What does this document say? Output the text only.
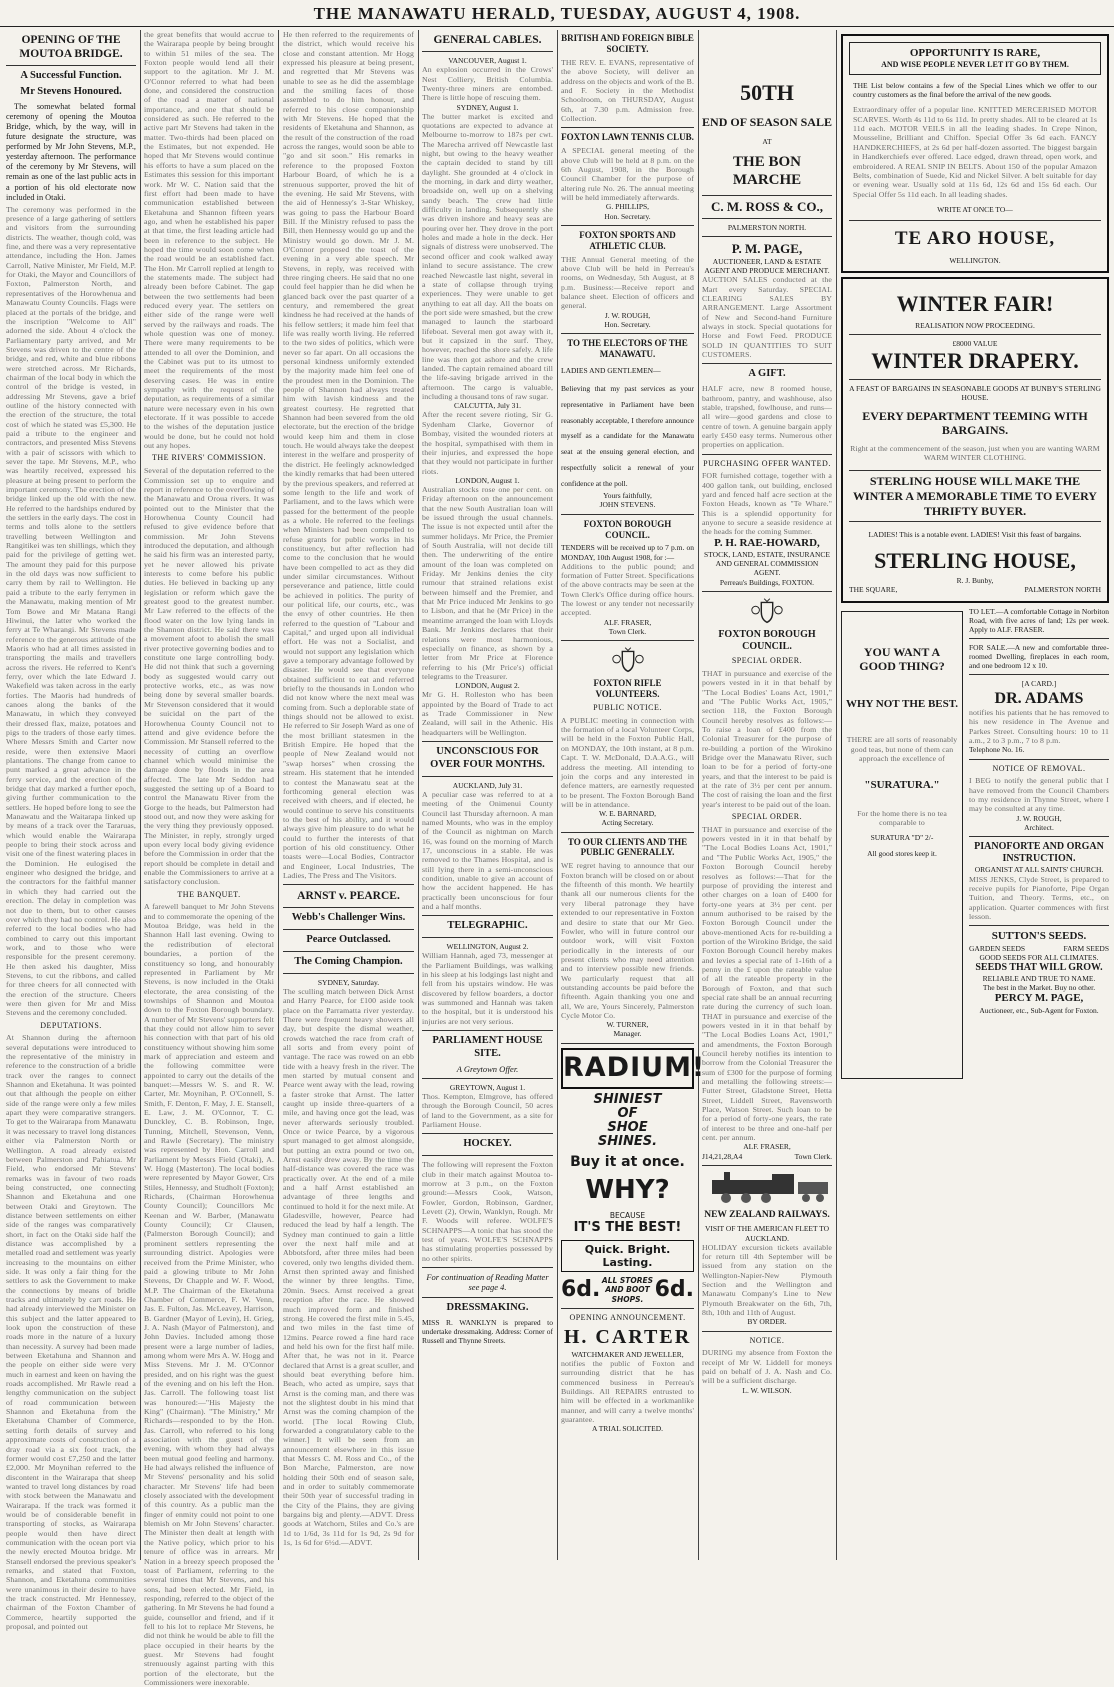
THE MANAWATU HERALD, TUESDAY, AUGUST 4, 1908.
OPENING OF THE MOUTOA BRIDGE.
A Successful Function.
Mr Stevens Honoured.

The somewhat belated formal ceremony of opening the Moutoa Bridge, which, by the way, will in future designate the structure, was performed by Mr John Stevens, M.P., yesterday afternoon. The performance of the ceremony by Mr Stevens, will remain as one of the last public acts in a portion of his old electorate now included in Otaki.

The ceremony was performed in the presence of a large gathering of settlers and visitors from the surrounding districts. The weather, though cold, was fine, and there was a very representative attendance, including the Hon. James Carroll, Native Minister, Mr Field, M.P. for Otaki, the Mayor and Councillors of Foxton, Palmerston North, and representatives of the Horowhenua and Manawatu County Councils. Flags were placed at the portals of the bridge, and the inscription "Welcome to All" adorned the side. About 4 o'clock the Parliamentary party arrived, and Mr Stevens was driven to the centre of the bridge, and red, white and blue ribbons were stretched across. Mr Richards, chairman of the local body in which the control of the bridge is vested, in addressing Mr Stevens, gave a brief outline of the history connected with the erection of the structure, the total cost of which he stated was £5,300. He paid a tribute to the engineer and contractors, and presented Miss Stevens with a pair of scissors with which to sever the tape. Mr Stevens, M.P., who was heartily received, expressed his pleasure at being present to perform the important ceremony. The erection of the bridge linked up the old with the new. He referred to the hardships endured by the settlers in the early days. The cost in terms and tolls alone to the settlers travelling between Wellington and Rangitikei was ten shillings, which they paid for the privilege of getting wet. The amount they paid for this purpose in the old days was now sufficient to carry them by rail to Wellington. He paid a tribute to the early ferrymen in the Manawatu, making mention of Mr Tom Bowe and Mr Matana Rangi Hiwinui, the latter who worked the ferry at Te Wharangi. Mr Stevens made reference to the generous attitude of the Maoris who had at all times assisted in transporting the mails and travellers across the rivers. He referred to Kent's ferry, over which the late Edward J. Wakefield was taken across in the early forties. The Maoris had hundreds of canoes along the banks of the Manawatu, in which they conveyed their dressed flax, maize, potatoes and pigs to the traders of those early times. Where Messrs Smith and Carter now reside, were then extensive Maori plantations. The change from canoe to punt marked a great advance in the ferry service, and the erection of the bridge that day marked a further epoch, giving further communication to the settlers. He hoped before long to see the Manawatu and the Waitarapa linked up by means of a track over the Tararuas, which would enable the Wairarapa people to bring their stock across and visit one of the finest watering places in the Dominion. He eulogised the engineer who designed the bridge, and the contractors for the faithful manner in which they had carried out the erection. The delay in completion was not due to them, but to other causes over which they had no control. He also referred to the local bodies who had combined to carry out this important work, and to those who were responsible for the present ceremony. He then asked his daughter, Miss Stevens, to cut the ribbons, and called for three cheers for all connected with the erection of the structure. Cheers were then given for Mr and Miss Stevens and the ceremony concluded.
DEPUTATIONS.
At Shannon during the afternoon several deputations were introduced to the representative of the ministry in reference to the construction of a bridle track over the ranges to connect Shannon and Eketahuna. It was pointed out that although the people on either side of the range were only a few miles apart they were comparative strangers. To get to the Wairarapa from Manawatu it was necessary to travel long distances either via Palmerston North or Wellington. A road already existed between Palmerston and Pahiatua. Mr Field, who endorsed Mr Stevens' remarks was in favour of two roads being constructed, one connecting Shannon and Eketahuna and one between Otaki and Greytown. The distance between settlements on either side of the ranges was comparatively short, in fact on the Otaki side half the distance was accomplished by a metalled road and settlement was yearly increasing to the mountains on either side. It was only a fair thing for the settlers to ask the Government to make the connections by means of bridle tracks and ultimately by cart roads. He had already interviewed the Minister on this subject and the latter appeared to look upon the construction of these roads more in the nature of a luxury than necessity. A survey had been made between Eketahuna and Shannon and the people on either side were very much in earnest and keen on having the roads accomplished. Mr Rawle read a lengthy communication on the subject of road communication between Shannon and Eketahuna from the Eketahuna Chamber of Commerce, setting forth details of survey and approximate costs of construction of a dray road via a six foot track, the former would cost £7,250 and the latter £2,000. Mr Moynihan referred to the discontent in the Wairarapa that sheep wanted to travel long distances by road with stock between the Manawatu and Wairarapa. If the track was formed it would be of considerable benefit in transporting of stocks, as Wairarapa people would then have direct communication with the ocean port via the newly erected Moutoa bridge. Mr Stansell endorsed the previous speaker's remarks, and stated that Foxton, Shannon, and Eketahuna communities were unanimous in their desire to have the track constructed. Mr Hennessey, chairman of the Foxton Chamber of Commerce, heartily supported the proposal, and pointed out
the great benefits that would accrue to the Wairarapa people by being brought to within 51 miles of the sea. The Foxton people would lend all their support to the agitation. Mr J. M. O'Connor referred to what had been done, and considered the construction of the road a matter of national importance, and one that should be considered as such. He referred to the active part Mr Stevens had taken in the matter. Two-thirds had been placed on the Estimates, but not expended. He hoped that Mr Stevens would continue his efforts to have a sum placed on the Estimates this session for this important work. Mr W. C. Nation said that the first effort had been made to have communication established between Eketahuna and Shannon fifteen years ago, and when he established his paper at that time, the first leading article had been in reference to the subject. He hoped the time would soon come when the road would be an established fact. The Hon. Mr Carroll replied at length to the statements made. The subject had already been before Cabinet. The gap between the two settlements had been reduced every year. The settlers on either side of the range were well served by the railways and roads. The whole question was one of money. There were many requirements to be attended to all over the Dominion, and the Cabinet was put to its utmost to meet the requirements of the most deserving cases. He was in entire sympathy with the request of the deputation, as requirements of a similar nature were necessary even in his own electorate. If it was possible to accede to the wishes of the deputation justice would be done, but he could not hold out any hopes.
THE RIVERS' COMMISSION.
Several of the deputation referred to the Commission set up to enquire and report in reference to the overflowing of the Manawatu and Oroua rivers. It was pointed out to the Minister that the Horowhenua County Council had refused to give evidence before that commission. Mr John Stevens introduced the deputation, and although he said his firm was an interested party, yet he never allowed his private interests to come before his public duties. He believed in backing up any legislation or reform which gave the greatest good to the greatest number. Mr Law referred to the effects of the flood water on the low lying lands in the Shannon district. He said there was a movement afoot to abolish the small river protective governing bodies and to constitute one large controlling body. He did not think that such a governing body as suggested would carry out protective works, etc., as was now being done by several smaller boards. Mr Stevenson considered that it would be suicidal on the part of the Horowhenua County Council not to attend and give evidence before the Commission. Mr Stansell referred to the necessity of cutting an overflow channel which would minimise the damage done by floods in the area affected. The late Mr Seddon had suggested the setting up of a Board to control the Manawatu River from the Gorge to the heads, but Palmerston had stood out, and now they were asking for the very thing they previously opposed. The Minister, in reply, strongly urged upon every local body giving evidence before the Commission in order that the report should be complete in detail and enable the Commissioners to arrive at a satisfactory conclusion.
THE BANQUET.
A farewell banquet to Mr John Stevens and to commemorate the opening of the Moutoa Bridge, was held in the Shannon Hall last evening. Owing to the redistribution of electoral boundaries, a portion of the constituency so long, and honourably represented in Parliament by Mr Stevens, is now included in the Otaki electorate, the area consisting of the townships of Shannon and Moutoa down to the Foxton Borough boundary. A number of Mr Stevens' supporters felt that they could not allow him to sever his connection with that part of his old constituency without showing him some mark of appreciation and esteem and the following committee were appointed to carry out the details of the banquet:—Messrs W. S. and R. W. Carter, Mr. Moynihan, P. O'Connell, S. Smith, F. Denton, F. May, J. E. Stansell, E. Law, J. M. O'Connor, T. C. Dunckley, C. B. Robinson, Inge, Tunning, Mitchell, Stevenson, Venn, and Rawle (Secretary). The ministry was represented by Hon. Carroll and Parliament by Messrs Field (Otaki), A. W. Hogg (Masterton). The local bodies were represented by Mayor Gower, Crs Stiles, Hennessy, and Studholt (Foxton); Richards, (Chairman Horowhenua County Council); Councillors Mc Keenan and W. Barber, (Manawatu County Council); Cr Clausen, (Palmerston Borough Council); and prominent settlers representing the surrounding district. Apologies were received from the Prime Minister, who paid a glowing tribute to Mr John Stevens, Dr Chapple and W. F. Wood, M.P. The Chairman of the Eketahuna Chamber of Commerce, F. W. Venn, Jas. E. Fulton, Jas. McLeavey, Harrison, B. Gardner (Mayor of Levin), H. Grieg, J. A. Nash (Mayor of Palmerston), and John Davies. Included among those present were a large number of ladies, among whom were Mrs A. W. Hogg and Miss Stevens. Mr J. M. O'Connor presided, and on his right was the guest of the evening and on his left the Hon. Jas. Carroll. The following toast list was honoured:—"His Majesty the King" (Chairman). "The Ministry," Mr Richards—responded to by the Hon. Jas. Carroll, who referred to his long association with the guest of the evening, with whom they had always been mutual good feeling and harmony. He had always relished the influence of Mr Stevens' personality and his solid character. Mr Stevens' life had been closely associated with the development of this country. As a public man the finger of enmity could not point to one blemish on Mr John Stevens' character. The Minister then dealt at length with the Native policy, which prior to his tenure of office was in arrears. Mr Nation in a breezy speech proposed the toast of Parliament, referring to the several times that Mr Stevens, and his sons, had been elected. Mr Field, in responding, referred to the object of the gathering. In Mr Stevens he had found a guide, counsellor and friend, and if it fell to his lot to replace Mr Stevens, he did not think he would be able to fill the place occupied in their hearts by the guest. Mr Stevens had fought strenuously against parting with this portion of the electorate, but the Commissioners were inexorable.
He then referred to the requirements of the district, which would receive his close and constant attention. Mr Hogg expressed his pleasure at being present, and regretted that Mr Stevens was unable to see as he did the assemblage and the smiling faces of those assembled to do him honour, and referred to his close companionship with Mr Stevens. He hoped that the residents of Eketahuna and Shannon, as the result of the construction of the road across the ranges, would soon be able to "go and sit soon." His remarks in reference to the proposed Foxton Harbour Board, of which he is a strenuous supporter, proved the hit of the evening. He said Mr Stevens, with the aid of Hennessy's 3-Star Whiskey, was going to pass the Harbour Board Bill. If the Ministry refused to pass the Bill, then Hennessy would go up and the Ministry would go down. Mr J. M. O'Connor proposed the toast of the evening in a very able speech. Mr Stevens, in reply, was received with three ringing cheers. He said that no one could feel happier than he did when he glanced back over the past quarter of a century, and remembered the great kindness he had received at the hands of his fellow settlers; it made him feel that life was really worth living. He referred to the two sides of politics, which were never so far apart. On all occasions the personal kindness uniformly extended by the majority made him feel one of the proudest men in the Dominion. The people of Shannon had always treated him with lavish kindness and the greatest courtesy. He regretted that Shannon had been severed from the old electorate, but the erection of the bridge would keep him and them in close touch. He would always take the deepest interest in the welfare and prosperity of the district. He feelingly acknowledged the kindly remarks that had been uttered by the previous speakers, and referred at some length to the life and work of Parliament, and to the laws which were passed for the betterment of the people as a whole. He referred to the feelings when Ministers had been compelled to refuse grants for public works in his constituency, but after reflection had come to the conclusion that he would have been compelled to act as they did under similar circumstances. Without perseverance and patience, little could be achieved in politics. The purity of our political life, our courts, etc., was the envy of other countries. He then referred to the question of "Labour and Capital," and urged upon all individual effort. He was not a Socialist, and would not support any legislation which gave a temporary advantage followed by disaster. He would see that everyone obtained sufficient to eat and referred briefly to the thousands in London who did not know where the next meal was coming from. Such a deplorable state of things should not be allowed to exist. He referred to Sir Joseph Ward as one of the most brilliant statesmen in the British Empire. He hoped that the people of New Zealand would not "swap horses" when crossing the stream. His statement that he intended to contest the Manawatu seat at the forthcoming general election was received with cheers, and if elected, he would continue to serve his constituents to the best of his ability, and it would always give him pleasure to do what he could to further the interests of that portion of his old constituency. Other toasts were—Local Bodies, Contractor and Engineer, Local Industries, The Ladies, The Press and The Visitors.
ARNST v. PEARCE.
Webb's Challenger Wins.
Pearce Outclassed.
The Coming Champion.
SYDNEY, Saturday.
The sculling match between Dick Arnst and Harry Pearce, for £100 aside took place on the Parramatta river yesterday. There were frequent heavy showers all day, but despite the dismal weather, crowds watched the race from craft of all sorts and from every point of vantage. The race was rowed on an ebb tide with a heavy fresh in the river. The men started by mutual consent and Pearce went away with the lead, rowing a faster stroke that Arnst. The latter caught up inside three-quarters of a mile, and having once got the lead, was never afterwards seriously troubled. Once or twice Pearce, by a vigorous spurt managed to get almost alongside, but putting an extra pound or two on, Arnst easily drew away. By the time the half-distance was covered the race was practically over. At the end of a mile and a half Arnst established an advantage of three lengths and continued to hold it for the next mile. At Gladesville, however, Pearce had reduced the lead by half a length. The Sydney man continued to gain a little over the next half mile and at Abbotsford, after three miles had been covered, only two lengths divided them. Arnst then sprinted away and finished the winner by three lengths. Time, 20min. 9secs. Arnst received a great reception after the race. He showed much improved form and finished strong. He covered the first mile in 5.45, and two miles in the fast time of 12mins. Pearce rowed a fine hard race and held his own for the first half mile. After that, he was not in it. Pearce declared that Arnst is a great sculler, and should beat everything before him. Beach, who acted as umpire, says that Arnst is the coming man, and there was not the slightest doubt in his mind that Arnst was the coming champion of the world. [The local Rowing Club, forwarded a congratulatory cable to the winner.] It will be seen from an announcement elsewhere in this issue that Messrs C. M. Ross and Co., of the Bon Marche, Palmerston, are now holding their 50th end of season sale, and in order to suitably commemorate their 50th year of successful trading in the City of the Plains, they are giving bargains big and plenty.—ADVT. Dress goods at Watchorn, Stiles and Co.'s are 1d to 1/6d, 3s 11d for 1s 9d, 2s 9d for 1s, 1s 6d for 6½d.—ADVT.
GENERAL CABLES.
VANCOUVER, August 1.
An explosion occurred in the Crows' Nest Colliery, British Columbia. Twenty-three miners are entombed. There is little hope of rescuing them.
SYDNEY, August 1.
The butter market is excited and quotations are expected to advance at Melbourne to-morrow to 187s per cwt. The Marecha arrived off Newcastle last night, but owing to the heavy weather the captain decided to stand by till daylight. She grounded at 4 o'clock in the morning, in dark and dirty weather, broadside on, well up on a shelving sandy beach. The crew had little difficulty in landing. Subsequently she was driven inshore and heavy seas are pouring over her. They drove in the port holes and made a hole in the deck. Her signals of distress were unobserved. The second officer and cook walked away inland to secure assistance. The crew reached Newcastle last night, several in a state of collapse through trying experiences. They were unable to get anything to eat all day. All the boats on the port side were smashed, but the crew managed to launch the starboard lifeboat. Several men got away with it, but it capsized in the surf. They, however, reached the shore safely. A life line was then got ashore and the crew landed. The captain remained aboard till the life-saving brigade arrived in the afternoon. The cargo is valuable, including a thousand tons of raw sugar.
CALCUTTA, July 31.
After the recent severe rioting, Sir G. Sydenham Clarke, Governor of Bombay, visited the wounded rioters at the hospital, sympathised with them in their injuries, and expressed the hope that they would not participate in further riots.
LONDON, August 1.
Australian stocks rose one per cent. on Friday afternoon on the announcement that the new South Australian loan will be issued through the usual channels. The issue is not expected until after the summer holidays. Mr Price, the Premier of South Australia, will not decide till then. The underwriting of the entire amount of the loan was completed on Friday. Mr Jenkins denies the city rumour that strained relations exist between himself and the Premier, and that Mr Price induced Mr Jenkins to go to Lisbon, and that he (Mr Price) in the meantime arranged the loan with Lloyds Bank. Mr Jenkins declares that their relations were most harmonious, especially on finance, as shown by a letter from Mr Price at Florence referring to his (Mr Price's) official telegrams to the Treasurer.
LONDON, August 2.
Mr G. H. Rolleston who has been appointed by the Board of Trade to act as Trade Commissioner in New Zealand, will sail in the Athenic. His headquarters will be Wellington.
UNCONSCIOUS FOR OVER FOUR MONTHS.
AUCKLAND, July 31.
A peculiar case was referred to at a meeting of the Onimenui County Council last Thursday afternoon. A man named Mounts, who was in the employ of the Council as nightman on March 16, was found on the morning of March 17, unconscious in a stable. He was removed to the Thames Hospital, and is still lying there in a semi-unconscious condition, unable to give an account of how the accident happened. He has practically been unconscious for four and a half months.
TELEGRAPHIC.
WELLINGTON, August 2.
William Hannah, aged 73, messenger at the Parliament Buildings, was walking in his sleep at his lodgings last night and fell from his upstairs window. He was discovered by fellow boarders, a doctor was summoned and Hannah was taken to the hospital, but it is understood his injuries are not very serious.
PARLIAMENT HOUSE SITE.
A Greytown Offer.
GREYTOWN, August 1.
Thos. Kempton, Elmgrove, has offered through the Borough Council, 50 acres of land to the Government, as a site for Parliament House.
HOCKEY.
The following will represent the Foxton club in their match against Moutoa to-morrow at 3 p.m., on the Foxton ground:—Messrs Cook, Watson, Fowler, Gordon, Robinson, Gardner, Levett (2), Orwin, Wanklyn, Rough. Mr F. Woods will referee. WOLFE'S SCHNAPPS—A tonic that has stood the test of years. WOLFE'S SCHNAPPS has stimulating properties possessed by no other spirits.
For continuation of Reading Matter see page 4.
DRESSMAKING.
MISS R. WANKLYN is prepared to undertake dressmaking. Address: Corner of Russell and Thynne Streets.
BRITISH AND FOREIGN BIBLE SOCIETY.
THE REV. E. EVANS, representative of the above Society, will deliver an address on the objects and work of the B. and F. Society in the Methodist Schoolroom, on THURSDAY, August 6th, at 7.30 p.m. Admission free. Collection.
FOXTON LAWN TENNIS CLUB.
A SPECIAL general meeting of the above Club will be held at 8 p.m. on the 6th August, 1908, in the Borough Council Chamber for the purpose of altering rule No. 26. The annual meeting will be held immediately afterwards.
G. PHILLIPS,
Hon. Secretary.
FOXTON SPORTS AND ATHLETIC CLUB.
THE Annual General meeting of the above Club will be held in Perreau's rooms, on Wednesday, 5th August, at 8 p.m. Business:—Receive report and balance sheet. Election of officers and general.
J. W. ROUGH,
Hon. Secretary.
TO THE ELECTORS OF THE MANAWATU.
LADIES AND GENTLEMEN—
Believing that my past services as your representative in Parliament have been reasonably acceptable, I therefore announce myself as a candidate for the Manawatu seat at the ensuing general election, and respectfully solicit a renewal of your confidence at the poll.
Yours faithfully,
JOHN STEVENS.
FOXTON BOROUGH COUNCIL.
TENDERS will be received up to 7 p.m. on MONDAY, 10th August 1908, for :—
Additions to the public pound; and formation of Futter Street. Specifications of the above contracts may be seen at the Town Clerk's Office during office hours. The lowest or any tender not necessarily accepted.
ALF. FRASER,
Town Clerk.
FOXTON RIFLE VOLUNTEERS.
PUBLIC NOTICE.
A PUBLIC meeting in connection with the formation of a local Volunteer Corps, will be held in the Foxton Public Hall, on MONDAY, the 10th instant, at 8 p.m. Capt. T. W. McDonald, D.A.A.G., will address the meeting. All intending to join the corps and any interested in defence matters, are earnestly requested to be present. The Foxton Borough Band will be in attendance.
W. E. BARNARD,
Acting Secretary.
TO OUR CLIENTS AND THE PUBLIC GENERALLY.
WE regret having to announce that our Foxton branch will be closed on or about the fifteenth of this month. We heartily thank all our numerous clients for the very liberal patronage they have extended to our representative in Foxton and desire to state that our Mr Geo. Fowler, who will in future control our outdoor work, will visit Foxton periodically in the interests of our present clients who may need attention and to interview possible new friends. We particularly request that all outstanding accounts be paid before the fifteenth. Again thanking you one and all, We are, Yours Sincerely, Palmerston Cycle Motor Co.
W. TURNER,
Manager.
RADIUM!
SHINIEST
OF
SHOE
SHINES.
Buy it at once.
WHY?
BECAUSE
IT'S THE BEST!
Quick. Bright. Lasting.
6d. ALL STORES AND BOOT SHOPS. 6d.
OPENING ANNOUNCEMENT.
H. CARTER
WATCHMAKER AND JEWELLER,
notifies the public of Foxton and surrounding district that he has commenced business in Perreau's Buildings. All REPAIRS entrusted to him will be effected in a workmanlike manner, and will carry a twelve months' guarantee.
A TRIAL SOLICITED.
50TH
END OF SEASON SALE
AT
THE BON MARCHE
C. M. ROSS & CO.,
PALMERSTON NORTH.
P. M. PAGE,
AUCTIONEER, LAND & ESTATE AGENT AND PRODUCE MERCHANT.
AUCTION SALES conducted at the Mart every Saturday. SPECIAL CLEARING SALES BY ARRANGEMENT. Large Assortment of New and Second-hand Furniture always in stock. Special quotations for Horse and Fowl Feed. PRODUCE SOLD IN QUANTITIES TO SUIT CUSTOMERS.
A GIFT.
HALF acre, new 8 roomed house, bathroom, pantry, and washhouse, also stable, trapshed, fowlhouse, and runs—all wire—good gardens and close to centre of town. A genuine bargain apply early £450 easy terms. Numerous other properties on application.
PURCHASING OFFER WANTED.
FOR furnished cottage, together with a 400 gallon tank, out building, enclosed yard and fenced half acre section at the Foxton Heads, known as "Te Whare." This is a splendid opportunity for anyone to secure a seaside residence at the heads for the coming Summer.
P. H. RAE-HOWARD,
STOCK, LAND, ESTATE, INSURANCE AND GENERAL COMMISSION AGENT.
Perreau's Buildings, FOXTON.
FOXTON BOROUGH COUNCIL.
SPECIAL ORDER.
THAT in pursuance and exercise of the powers vested in it in that behalf by "The Local Bodies' Loans Act, 1901," and "The Public Works Act, 1905," section 118, the Foxton Borough Council hereby resolves as follows:—To raise a loan of £400 from the Colonial Treasurer for the purpose of re-building a portion of the Wirokino Bridge over the Manawatu River, such loan to be for a period of forty-one years, and that the interest to be paid is at the rate of 3½ per cent per annum. The cost of raising the loan and the first year's interest to be paid out of the loan.
SPECIAL ORDER.
THAT in pursuance and exercise of the powers vested in it in that behalf by "The Local Bodies Loans Act, 1901," and "The Public Works Act, 1905," the Foxton Borough Council hereby resolves as follows:—That for the purpose of providing the interest and other charges on a loan of £400 for forty-one years at 3½ per cent. per annum authorised to be raised by the Foxton Borough Council under the above-mentioned Acts for re-building a portion of the Wirokino Bridge, the said Foxton Borough Council hereby makes and levies a special rate of 1-16th of a penny in the £ upon the rateable value of all the rateable property in the Borough of Foxton, and that such special rate shall be an annual recurring rate during the currency of such loan. THAT in pursuance and exercise of the powers vested in it in that behalf by "The Local Bodies Loans Act, 1901," and amendments, the Foxton Borough Council hereby notifies its intention to borrow from the Colonial Treasurer the sum of £300 for the purpose of forming and metalling the following streets:—Futter Street, Gladstone Street, Hetta Street, Liddell Street, Ravensworth Place, Watson Street. Such loan to be for a period of forty-one years, the rate of interest to be three and one-half per cent. per annum.
ALF. FRASER,
J14,21,28,A4	Town Clerk.
NEW ZEALAND RAILWAYS.
VISIT OF THE AMERICAN FLEET TO AUCKLAND.
HOLIDAY excursion tickets available for return till 4th September will be issued from any station on the Wellington-Napier-New Plymouth Section and the Wellington and Manawatu Company's Line to New Plymouth Breakwater on the 6th, 7th, 8th, 10th and 11th of August.
BY ORDER.
NOTICE.
DURING my absence from Foxton the receipt of Mr W. Liddell for moneys paid on behalf of J. A. Nash and Co. will be a sufficient discharge.
L. W. WILSON.
OPPORTUNITY IS RARE,
AND WISE PEOPLE NEVER LET IT GO BY THEM.
THE List below contains a few of the Special Lines which we offer to our country customers as the final before the arrival of the new goods.
Extraordinary offer of a popular line. KNITTED MERCERISED MOTOR SCARVES. Worth 4s 11d to 6s 11d. In pretty shades. All to be cleared at 1s 11d each. MOTOR VEILS in all the leading shades. In Crepe Ninon, Mousseline, Brilliant and Chiffon. Special Offer 3s 6d each. FANCY HANDKERCHIEFS, at 2s 6d per half-dozen assorted. The biggest bargain in Handkerchiefs ever offered. Lace edged, drawn thread, open work, and embroidered. A REAL SNIP IN BELTS. About 150 of the popular Amazon Belts, combination of Suede, Kid and Nickel Silver. A belt suitable for day or evening wear. Usually sold at 11s 6d, 12s 6d and 15s 6d each. Our Special Offer 5s 11d each. In all leading shades.
WRITE AT ONCE TO—
TE ARO HOUSE,
WELLINGTON.
WINTER FAIR!
REALISATION NOW PROCEEDING.
£8000 VALUE
WINTER DRAPERY.
A FEAST OF BARGAINS IN SEASONABLE GOODS AT BUNBY'S STERLING HOUSE.
EVERY DEPARTMENT TEEMING WITH BARGAINS.
Right at the commencement of the season, just when you are wanting WARM WARM WINTER CLOTHING.
STERLING HOUSE WILL MAKE THE WINTER A MEMORABLE TIME TO EVERY THRIFTY BUYER.
LADIES! This is a notable event. LADIES! Visit this feast of bargains.
STERLING HOUSE,
R. J. Bunby,
THE SQUARE,	PALMERSTON NORTH
YOU WANT A GOOD THING?
WHY NOT THE BEST.
THERE are all sorts of reasonably good teas, but none of them can approach the excellence of
"SURATURA."
For the home there is no tea comparable to
SURATURA "D" 2/-
All good stores keep it.
TO LET.—A comfortable Cottage in Norbiton Road, with five acres of land; 12s per week. Apply to ALF. FRASER.
FOR SALE.—A new and comfortable three-roomed Dwelling, fireplaces in each room, and one bedroom 12 x 10.
[A CARD.]
DR. ADAMS
notifies his patients that he has removed to his new residence in The Avenue and Parkes Street. Consulting hours: 10 to 11 a.m., 2 to 3 p.m., 7 to 8 p.m.
Telephone No. 16.
NOTICE OF REMOVAL.
I BEG to notify the general public that I have removed from the Council Chambers to my residence in Thynne Street, where I may be consulted at any time.
J. W. ROUGH,
Architect.
PIANOFORTE AND ORGAN INSTRUCTION.
ORGANIST AT ALL SAINTS' CHURCH.
MISS JENKS, Clyde Street, is prepared to receive pupils for Pianoforte, Pipe Organ Tuition, and Theory. Terms, etc., on application. Quarter commences with first lesson.
SUTTON'S SEEDS.
GARDEN SEEDS	FARM SEEDS
GOOD SEEDS FOR ALL CLIMATES.
SEEDS THAT WILL GROW.
RELIABLE AND TRUE TO NAME.
The best in the Market. Buy no other.
PERCY M. PAGE,
Auctioneer, etc., Sub-Agent for Foxton.
